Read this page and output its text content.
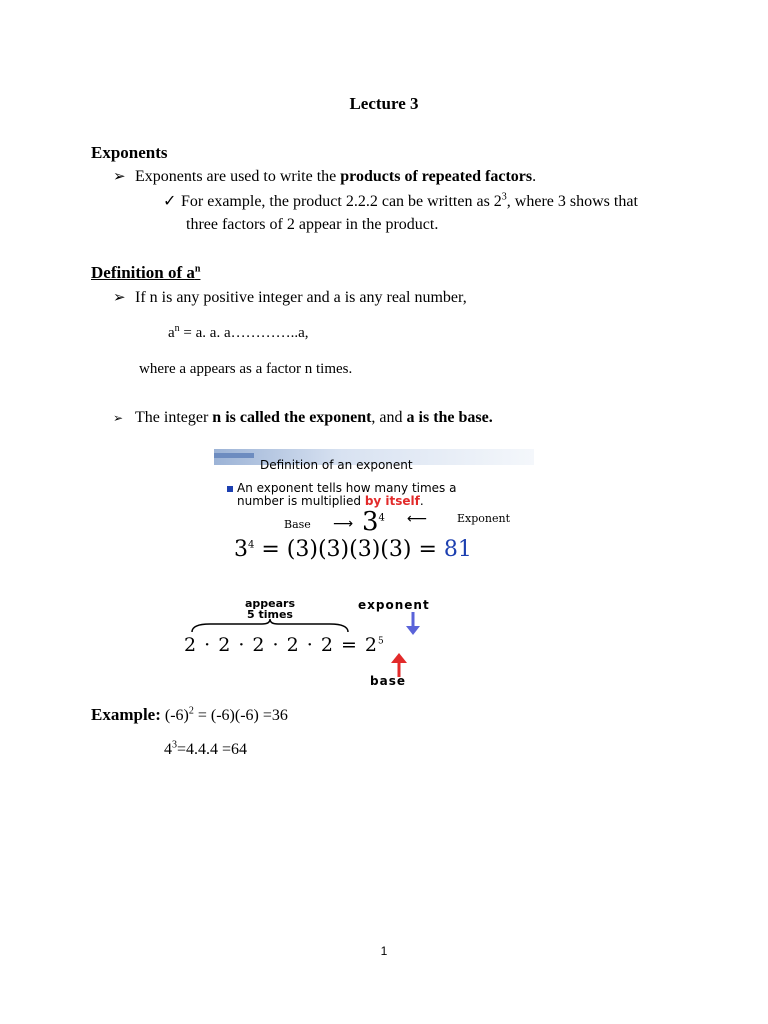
Lecture 3
Exponents
➢ Exponents are used to write the products of repeated factors.
✓ For example, the product 2.2.2 can be written as $2^3$, where 3 shows that
three factors of 2 appear in the product.
Definition of $a^n$
➢ If n is any positive integer and a is any real number,
$a^n = a$. a. a…………..a,
where a appears as a factor n times.
➢ The integer n is called the exponent, and a is the base.
Definition of an exponent
An exponent tells how many times a
number is multiplied by itself.
Base ⟶ $3^4$ ⟵	Exponent
$3^4 = (3)(3)(3)(3) = 81$
appears
5 times
exponent
$2 \cdot 2 \cdot 2 \cdot 2 \cdot 2 = 2^5$
base
Example: $(-6)^2 = (-6)(-6) =36$
$4^3=4.4.4 =64$
1
